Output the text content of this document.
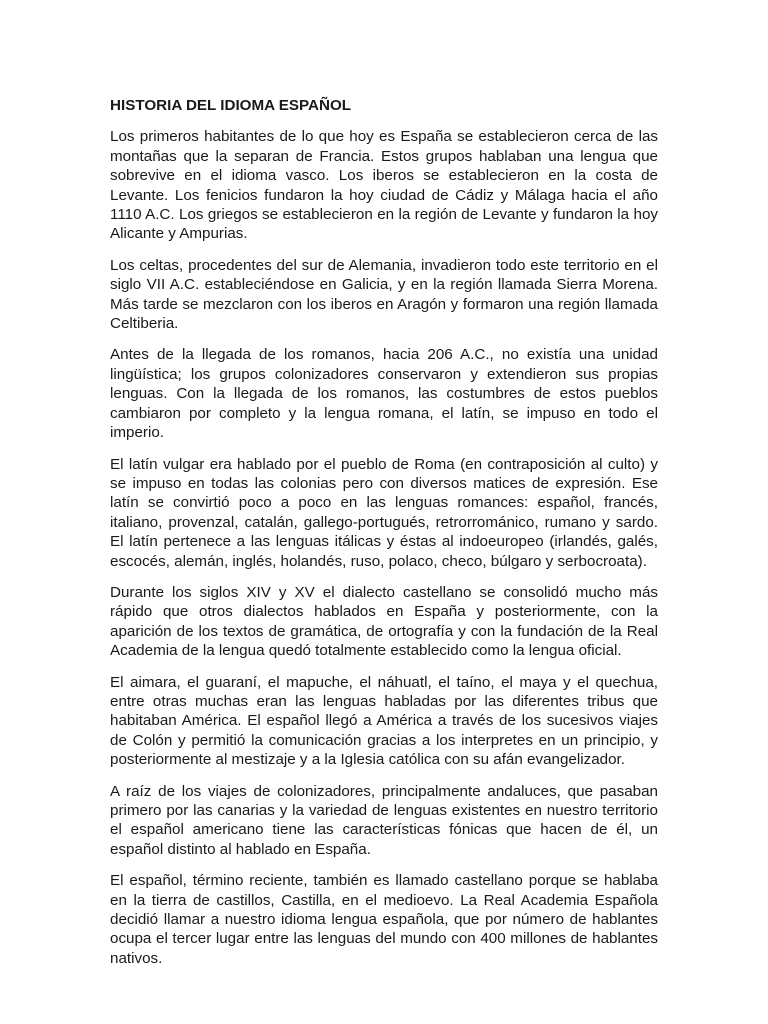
HISTORIA DEL IDIOMA ESPAÑOL

Los primeros habitantes de lo que hoy es España se establecieron cerca de las montañas que la separan de Francia. Estos grupos hablaban una lengua que sobrevive en el idioma vasco. Los iberos se establecieron en la costa de Levante. Los fenicios fundaron la hoy ciudad de Cádiz y Málaga hacia el año 1110 A.C. Los griegos se establecieron en la región de Levante y fundaron la hoy Alicante y Ampurias.

Los celtas, procedentes del sur de Alemania, invadieron todo este territorio en el siglo VII A.C. estableciéndose en Galicia, y en la región llamada Sierra Morena. Más tarde se mezclaron con los iberos en Aragón y formaron una región llamada Celtiberia.

Antes de la llegada de los romanos, hacia 206 A.C., no existía una unidad lingüística; los grupos colonizadores conservaron y extendieron sus propias lenguas. Con la llegada de los romanos, las costumbres de estos pueblos cambiaron por completo y la lengua romana, el latín, se impuso en todo el imperio.

El latín vulgar era hablado por el pueblo de Roma (en contraposición al culto) y se impuso en todas las colonias pero con diversos matices de expresión. Ese latín se convirtió poco a poco en las lenguas romances: español, francés, italiano, provenzal, catalán, gallego-portugués, retrorrománico, rumano y sardo. El latín pertenece a las lenguas itálicas y éstas al indoeuropeo (irlandés, galés, escocés, alemán, inglés, holandés, ruso, polaco, checo, búlgaro y serbocroata).

Durante los siglos XIV y XV el dialecto castellano se consolidó mucho más rápido que otros dialectos hablados en España y posteriormente, con la aparición de los textos de gramática, de ortografía y con la fundación de la Real Academia de la lengua quedó totalmente establecido como la lengua oficial.

El aimara, el guaraní, el mapuche, el náhuatl, el taíno, el maya y el quechua, entre otras muchas eran las lenguas habladas por las diferentes tribus que habitaban América. El español llegó a América a través de los sucesivos viajes de Colón y permitió la comunicación gracias a los interpretes en un principio, y posteriormente al mestizaje y a la Iglesia católica con su afán evangelizador.

A raíz de los viajes de colonizadores, principalmente andaluces, que pasaban primero por las canarias y la variedad de lenguas existentes en nuestro territorio el español americano tiene las características fónicas que hacen de él, un español distinto al hablado en España.

El español, término reciente, también es llamado castellano porque se hablaba en la tierra de castillos, Castilla, en el medioevo. La Real Academia Española decidió llamar a nuestro idioma lengua española, que por número de hablantes ocupa el tercer lugar entre las lenguas del mundo con 400 millones de hablantes nativos.
